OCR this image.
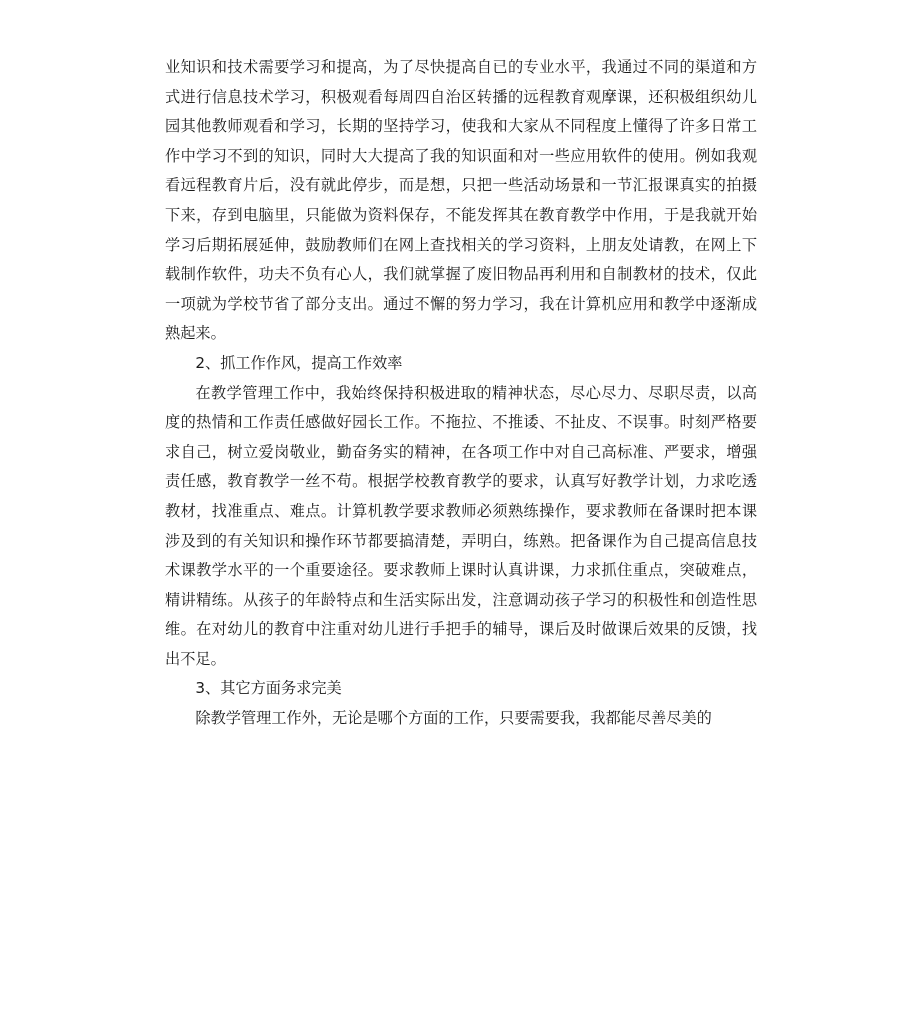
业知识和技术需要学习和提高，为了尽快提高自已的专业水平，我通过不同的渠道和方式进行信息技术学习，积极观看每周四自治区转播的远程教育观摩课，还积极组织幼儿园其他教师观看和学习，长期的坚持学习，使我和大家从不同程度上懂得了许多日常工作中学习不到的知识，同时大大提高了我的知识面和对一些应用软件的使用。例如我观看远程教育片后，没有就此停步，而是想，只把一些活动场景和一节汇报课真实的拍摄下来，存到电脑里，只能做为资料保存，不能发挥其在教育教学中作用，于是我就开始学习后期拓展延伸，鼓励教师们在网上查找相关的学习资料，上朋友处请教，在网上下载制作软件，功夫不负有心人，我们就掌握了废旧物品再利用和自制教材的技术，仅此一项就为学校节省了部分支出。通过不懈的努力学习，我在计算机应用和教学中逐渐成熟起来。

2、抓工作作风，提高工作效率

在教学管理工作中，我始终保持积极进取的精神状态，尽心尽力、尽职尽责，以高度的热情和工作责任感做好园长工作。不拖拉、不推诿、不扯皮、不误事。时刻严格要求自己，树立爱岗敬业，勤奋务实的精神，在各项工作中对自己高标准、严要求，增强责任感，教育教学一丝不苟。根据学校教育教学的要求，认真写好教学计划，力求吃透教材，找准重点、难点。计算机教学要求教师必须熟练操作，要求教师在备课时把本课涉及到的有关知识和操作环节都要搞清楚，弄明白，练熟。把备课作为自己提高信息技术课教学水平的一个重要途径。要求教师上课时认真讲课，力求抓住重点，突破难点，精讲精练。从孩子的年龄特点和生活实际出发，注意调动孩子学习的积极性和创造性思维。在对幼儿的教育中注重对幼儿进行手把手的辅导，课后及时做课后效果的反馈，找出不足。

3、其它方面务求完美

除教学管理工作外，无论是哪个方面的工作，只要需要我，我都能尽善尽美的
